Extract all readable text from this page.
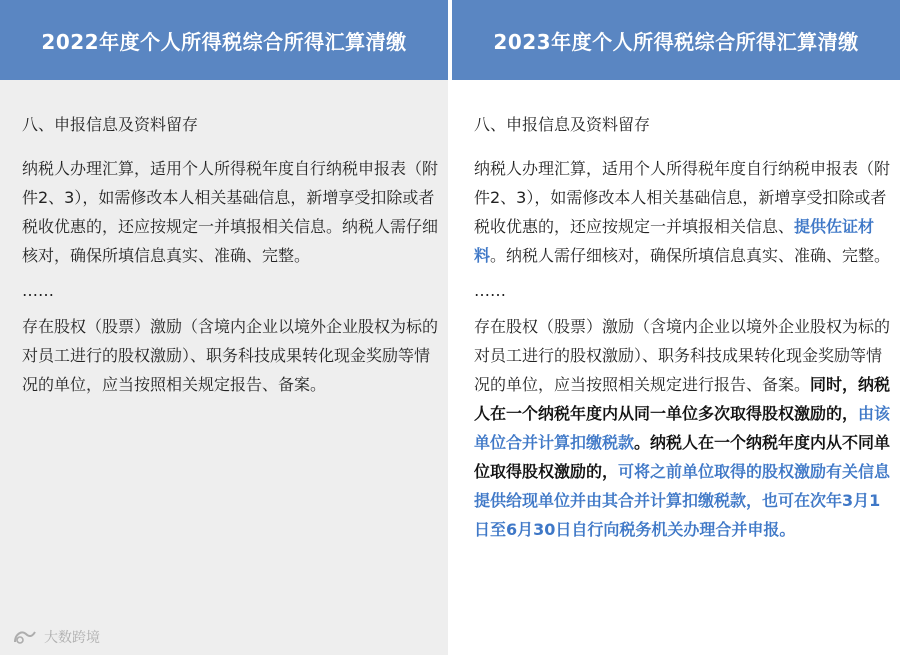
2022年度个人所得税综合所得汇算清缴

八、申报信息及资料留存

纳税人办理汇算，适用个人所得税年度自行纳税申报表（附件2、3），如需修改本人相关基础信息，新增享受扣除或者税收优惠的，还应按规定一并填报相关信息。纳税人需仔细核对，确保所填信息真实、准确、完整。

……

存在股权（股票）激励（含境内企业以境外企业股权为标的对员工进行的股权激励）、职务科技成果转化现金奖励等情况的单位，应当按照相关规定报告、备案。

2023年度个人所得税综合所得汇算清缴

八、申报信息及资料留存

纳税人办理汇算，适用个人所得税年度自行纳税申报表（附件2、3），如需修改本人相关基础信息，新增享受扣除或者税收优惠的，还应按规定一并填报相关信息、提供佐证材料。纳税人需仔细核对，确保所填信息真实、准确、完整。

……

存在股权（股票）激励（含境内企业以境外企业股权为标的对员工进行的股权激励）、职务科技成果转化现金奖励等情况的单位，应当按照相关规定进行报告、备案。同时，纳税人在一个纳税年度内从同一单位多次取得股权激励的，由该单位合并计算扣缴税款。纳税人在一个纳税年度内从不同单位取得股权激励的，可将之前单位取得的股权激励有关信息提供给现单位并由其合并计算扣缴税款，也可在次年3月1日至6月30日自行向税务机关办理合并申报。

大数跨境
